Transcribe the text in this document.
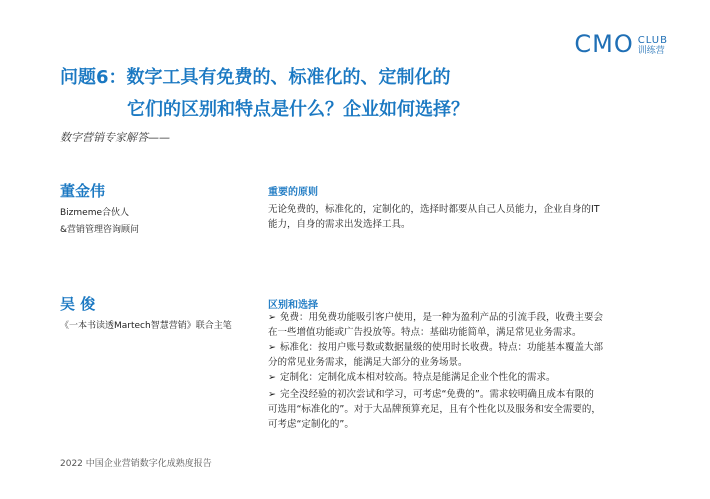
CMO CLUB
训练营
问题6：数字工具有免费的、标准化的、定制化的
它们的区别和特点是什么？企业如何选择？
数字营销专家解答——
董金伟
Bizmeme合伙人
&营销管理咨询顾问
重要的原则
无论免费的，标准化的，定制化的，选择时都要从自己人员能力，企业自身的IT
能力，自身的需求出发选择工具。
吴 俊
《一本书读透Martech智慧营销》联合主笔
区别和选择
➢ 免费：用免费功能吸引客户使用，是一种为盈利产品的引流手段，收费主要会
在一些增值功能或广告投放等。特点：基础功能简单，满足常见业务需求。
➢ 标准化：按用户账号数或数据量级的使用时长收费。特点：功能基本覆盖大部
分的常见业务需求，能满足大部分的业务场景。
➢ 定制化：定制化成本相对较高。特点是能满足企业个性化的需求。
➢ 完全没经验的初次尝试和学习，可考虑“免费的”。需求较明确且成本有限的
可选用“标准化的”。对于大品牌预算充足，且有个性化以及服务和安全需要的，
可考虑“定制化的”。
2022 中国企业营销数字化成熟度报告
